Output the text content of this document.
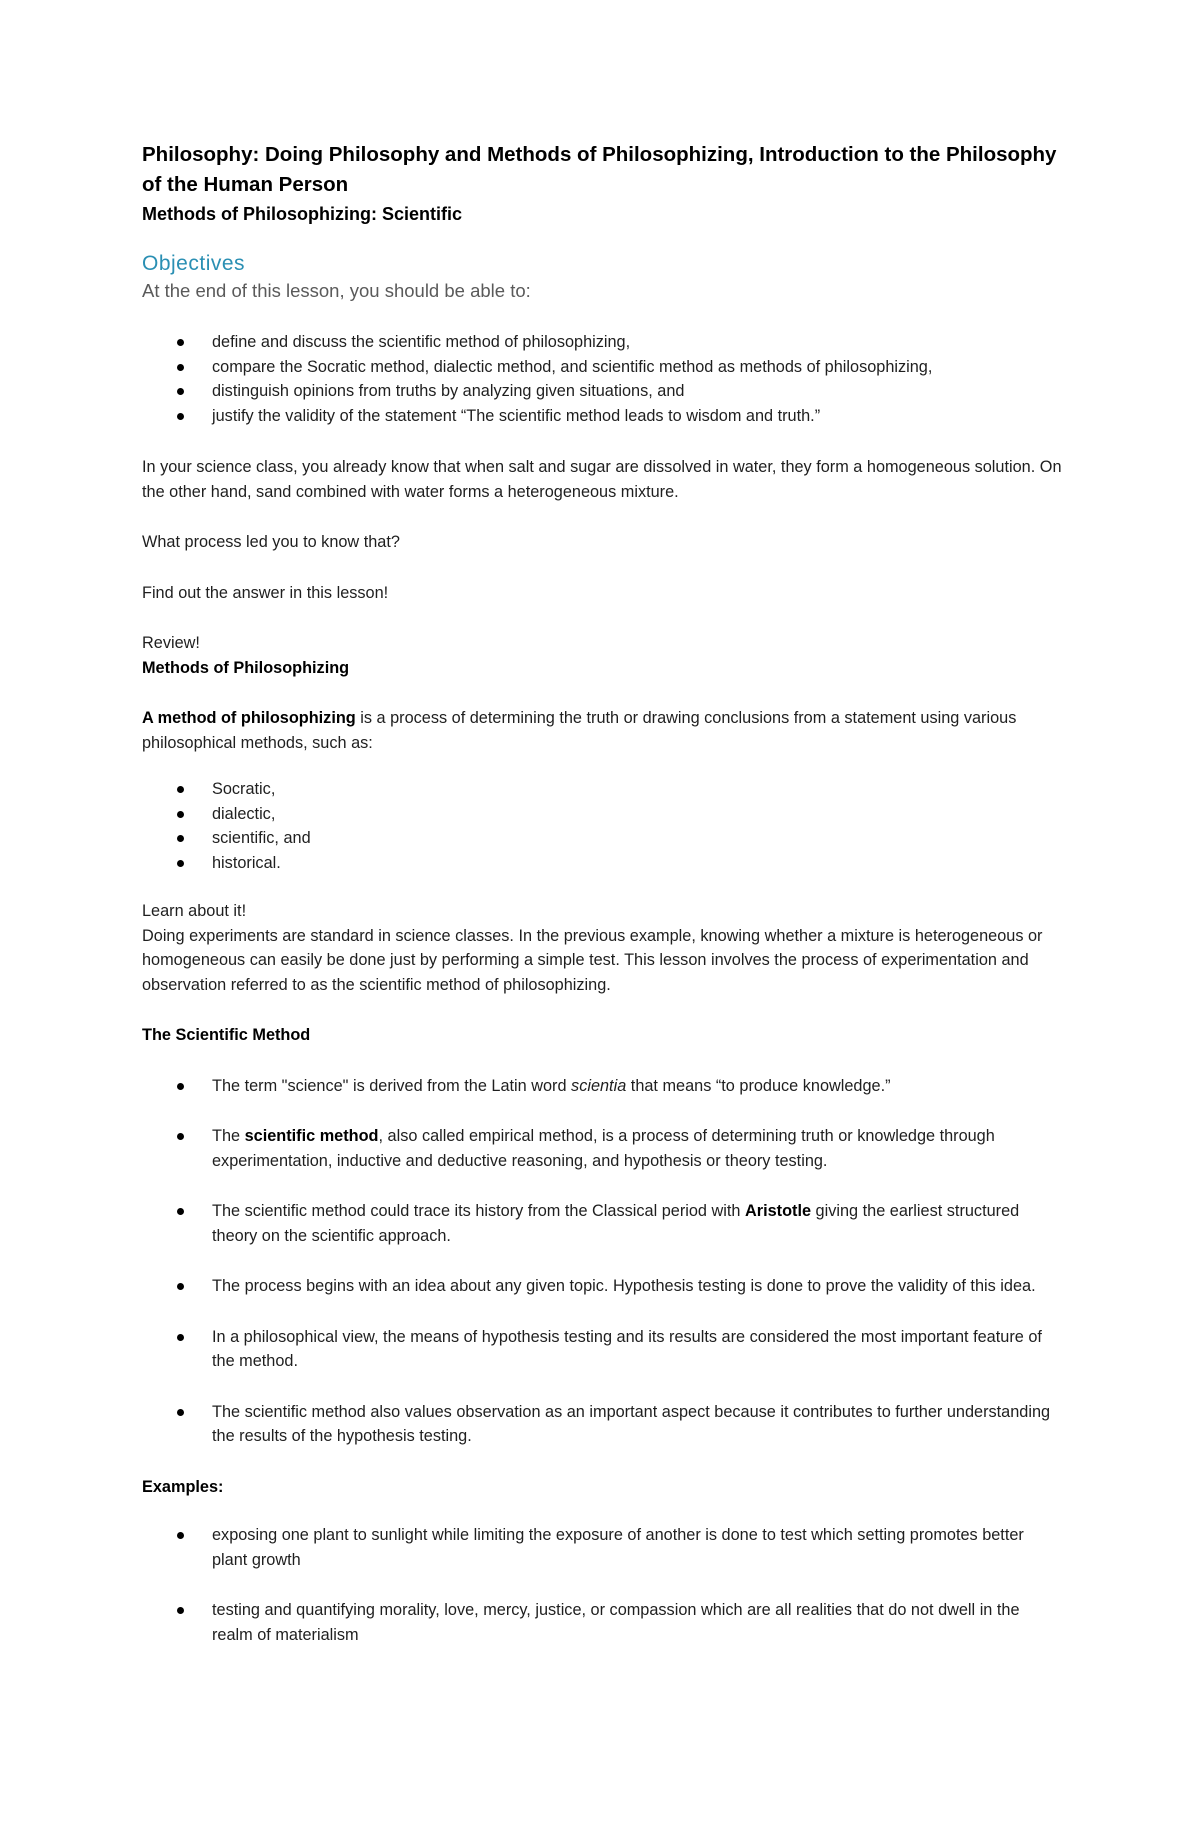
Philosophy: Doing Philosophy and Methods of Philosophizing, Introduction to the Philosophy of the Human Person
Methods of Philosophizing: Scientific
Objectives

At the end of this lesson, you should be able to:

define and discuss the scientific method of philosophizing,
compare the Socratic method, dialectic method, and scientific method as methods of philosophizing,
distinguish opinions from truths by analyzing given situations, and
justify the validity of the statement “The scientific method leads to wisdom and truth.”

In your science class, you already know that when salt and sugar are dissolved in water, they form a homogeneous solution. On the other hand, sand combined with water forms a heterogeneous mixture.

What process led you to know that?

Find out the answer in this lesson!

Review!

Methods of Philosophizing

A method of philosophizing is a process of determining the truth or drawing conclusions from a statement using various philosophical methods, such as:

Socratic,
dialectic,
scientific, and
historical.

Learn about it!

Doing experiments are standard in science classes. In the previous example, knowing whether a mixture is heterogeneous or homogeneous can easily be done just by performing a simple test. This lesson involves the process of experimentation and observation referred to as the scientific method of philosophizing.

The Scientific Method

The term "science" is derived from the Latin word scientia that means “to produce knowledge.”
The scientific method, also called empirical method, is a process of determining truth or knowledge through experimentation, inductive and deductive reasoning, and hypothesis or theory testing.
The scientific method could trace its history from the Classical period with Aristotle giving the earliest structured theory on the scientific approach.
The process begins with an idea about any given topic. Hypothesis testing is done to prove the validity of this idea.
In a philosophical view, the means of hypothesis testing and its results are considered the most important feature of the method.
The scientific method also values observation as an important aspect because it contributes to further understanding the results of the hypothesis testing.

Examples:

exposing one plant to sunlight while limiting the exposure of another is done to test which setting promotes better plant growth
testing and quantifying morality, love, mercy, justice, or compassion which are all realities that do not dwell in the realm of materialism
